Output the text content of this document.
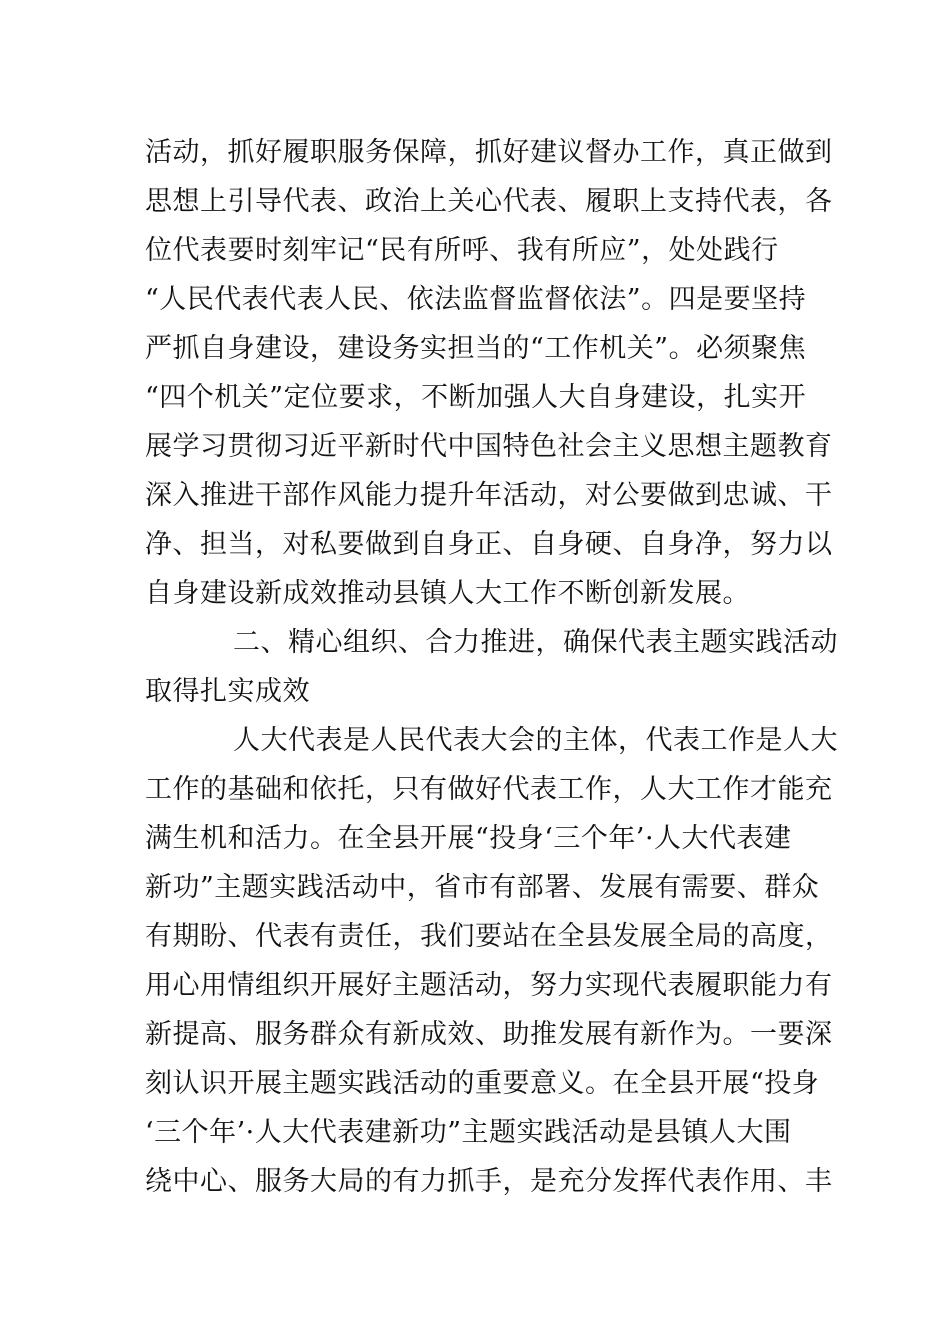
活动，抓好履职服务保障，抓好建议督办工作，真正做到
思想上引导代表、政治上关心代表、履职上支持代表，各
位代表要时刻牢记“民有所呼、我有所应”，处处践行
“人民代表代表人民、依法监督监督依法”。四是要坚持
严抓自身建设，建设务实担当的“工作机关”。必须聚焦
“四个机关”定位要求，不断加强人大自身建设，扎实开
展学习贯彻习近平新时代中国特色社会主义思想主题教育
深入推进干部作风能力提升年活动，对公要做到忠诚、干
净、担当，对私要做到自身正、自身硬、自身净，努力以
自身建设新成效推动县镇人大工作不断创新发展。
二、精心组织、合力推进，确保代表主题实践活动
取得扎实成效
人大代表是人民代表大会的主体，代表工作是人大
工作的基础和依托，只有做好代表工作，人大工作才能充
满生机和活力。在全县开展“投身‘三个年’·人大代表建
新功”主题实践活动中，省市有部署、发展有需要、群众
有期盼、代表有责任，我们要站在全县发展全局的高度，
用心用情组织开展好主题活动，努力实现代表履职能力有
新提高、服务群众有新成效、助推发展有新作为。一要深
刻认识开展主题实践活动的重要意义。在全县开展“投身
‘三个年’·人大代表建新功”主题实践活动是县镇人大围
绕中心、服务大局的有力抓手，是充分发挥代表作用、丰
